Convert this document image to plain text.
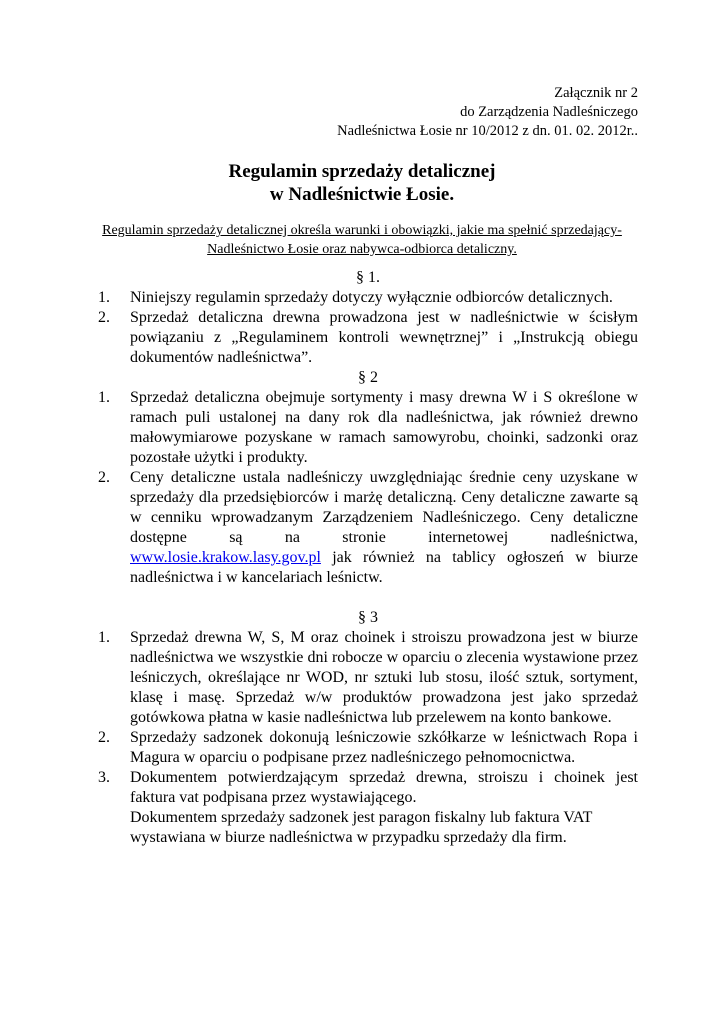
Załącznik nr 2
do Zarządzenia Nadleśniczego
Nadleśnictwa Łosie nr 10/2012 z dn. 01. 02. 2012r..
Regulamin sprzedaży detalicznej
w Nadleśnictwie Łosie.
Regulamin sprzedaży detalicznej określa warunki i obowiązki, jakie ma spełnić sprzedający-
Nadleśnictwo Łosie oraz nabywca-odbiorca detaliczny.
§ 1.
1. Niniejszy regulamin sprzedaży dotyczy wyłącznie odbiorców detalicznych.
2. Sprzedaż detaliczna drewna prowadzona jest w nadleśnictwie w ścisłym powiązaniu z „Regulaminem kontroli wewnętrznej” i „Instrukcją obiegu dokumentów nadleśnictwa”.
§ 2
1. Sprzedaż detaliczna obejmuje sortymenty i masy drewna W i S określone w ramach puli ustalonej na dany rok dla nadleśnictwa, jak również drewno małowymiarowe pozyskane w ramach samowyrobu, choinki, sadzonki oraz pozostałe użytki i produkty.
2. Ceny detaliczne ustala nadleśniczy uwzględniając średnie ceny uzyskane w sprzedaży dla przedsiębiorców i marżę detaliczną. Ceny detaliczne zawarte są w cenniku wprowadzanym Zarządzeniem Nadleśniczego. Ceny detaliczne dostępne są na stronie internetowej nadleśnictwa, www.losie.krakow.lasy.gov.pl jak również na tablicy ogłoszeń w biurze nadleśnictwa i w kancelariach leśnictw.
§ 3
1. Sprzedaż drewna W, S, M oraz choinek i stroiszu prowadzona jest w biurze nadleśnictwa we wszystkie dni robocze w oparciu o zlecenia wystawione przez leśniczych, określające nr WOD, nr sztuki lub stosu, ilość sztuk, sortyment, klasę i masę. Sprzedaż w/w produktów prowadzona jest jako sprzedaż gotówkowa płatna w kasie nadleśnictwa lub przelewem na konto bankowe.
2. Sprzedaży sadzonek dokonują leśniczowie szkółkarze w leśnictwach Ropa i Magura w oparciu o podpisane przez nadleśniczego pełnomocnictwa.
3. Dokumentem potwierdzającym sprzedaż drewna, stroiszu i choinek jest faktura vat podpisana przez wystawiającego.
Dokumentem sprzedaży sadzonek jest paragon fiskalny lub faktura VAT wystawiana w biurze nadleśnictwa w przypadku sprzedaży dla firm.
